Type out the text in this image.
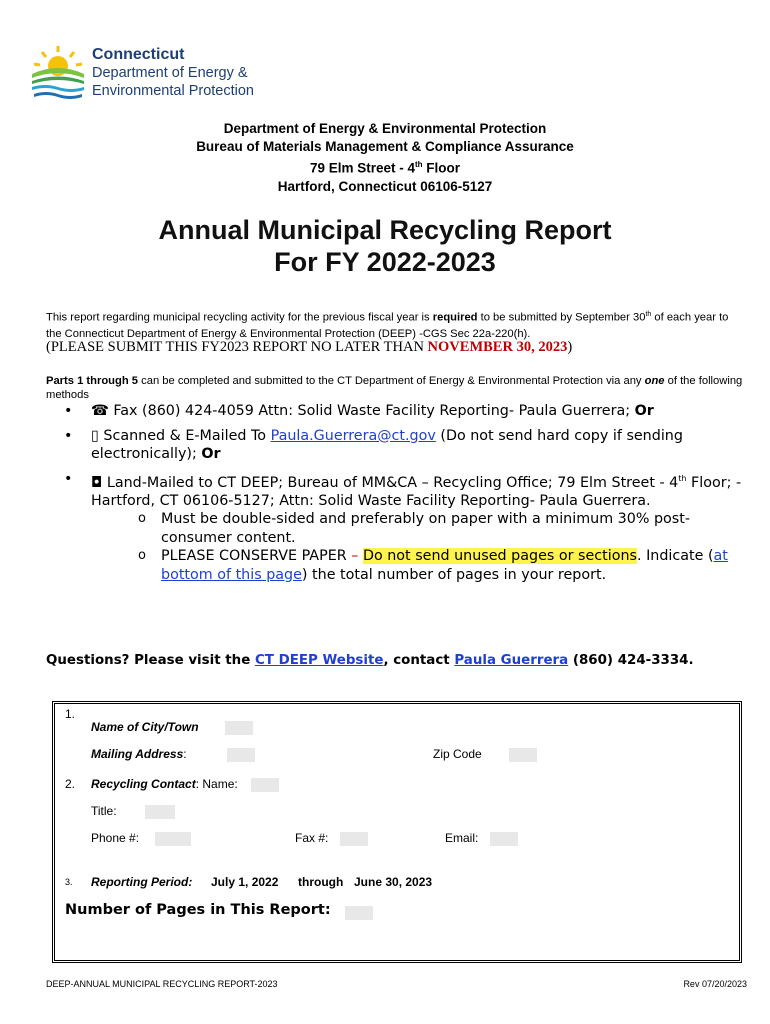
Connecticut
Department of Energy &
Environmental Protection
Department of Energy & Environmental Protection
Bureau of Materials Management & Compliance Assurance
79 Elm Street - 4th Floor
Hartford, Connecticut 06106-5127
Annual Municipal Recycling Report
For FY 2022-2023
This report regarding municipal recycling activity for the previous fiscal year is required to be submitted by September 30th of each year to the Connecticut Department of Energy & Environmental Protection (DEEP) -CGS Sec 22a-220(h).
(PLEASE SUBMIT THIS FY2023 REPORT NO LATER THAN NOVEMBER 30, 2023)
Parts 1 through 5 can be completed and submitted to the CT Department of Energy & Environmental Protection via any one of the following methods
• ☎ Fax (860) 424-4059 Attn: Solid Waste Facility Reporting- Paula Guerrera; Or
• ▯ Scanned & E-Mailed To Paula.Guerrera@ct.gov (Do not send hard copy if sending electronically); Or
• ◘ Land-Mailed to CT DEEP; Bureau of MM&CA – Recycling Office; 79 Elm Street - 4th Floor; -Hartford, CT 06106-5127; Attn: Solid Waste Facility Reporting- Paula Guerrera.
o Must be double-sided and preferably on paper with a minimum 30% post-consumer content.
o PLEASE CONSERVE PAPER – Do not send unused pages or sections. Indicate (at bottom of this page) the total number of pages in your report.
Questions? Please visit the CT DEEP Website, contact Paula Guerrera (860) 424-3334.
1.
Name of City/Town
Mailing Address:	Zip Code
2. Recycling Contact: Name:
Title:
Phone #:	Fax #:	Email:
3. Reporting Period: July 1, 2022 through June 30, 2023
Number of Pages in This Report:
DEEP-ANNUAL MUNICIPAL RECYCLING REPORT-2023	Rev 07/20/2023
